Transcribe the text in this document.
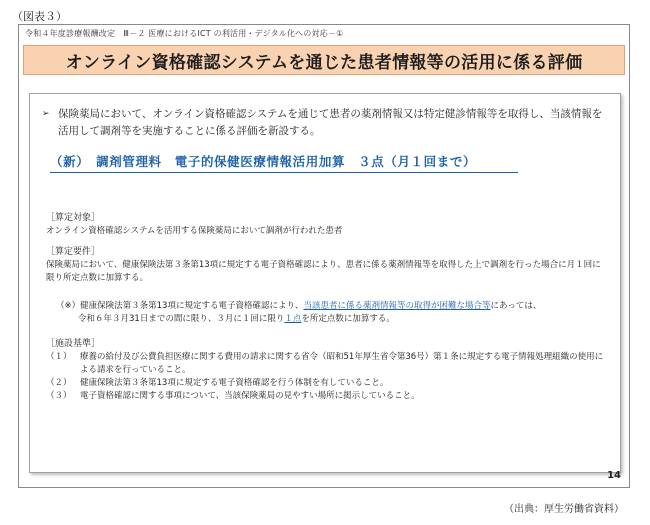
（図表３）
令和４年度診療報酬改定　Ⅲ－２ 医療におけるICT の利活用・デジタル化への対応－①
オンライン資格確認システムを通じた患者情報等の活用に係る評価
➢ 保険薬局において、オンライン資格確認システムを通じて患者の薬剤情報又は特定健診情報等を取得し、当該情報を活用して調剤等を実施することに係る評価を新設する。
（新）　調剤管理料　電子的保健医療情報活用加算　３点（月１回まで）
［算定対象］
オンライン資格確認システムを活用する保険薬局において調剤が行われた患者
［算定要件］
保険薬局において、健康保険法第３条第13項に規定する電子資格確認により、患者に係る薬剤情報等を取得した上で調剤を行った場合に月１回に限り所定点数に加算する。
（※）健康保険法第３条第13項に規定する電子資格確認により、当該患者に係る薬剤情報等の取得が困難な場合等にあっては、
令和６年３月31日までの間に限り、３月に１回に限り１点を所定点数に加算する。
［施設基準］
（１） 療養の給付及び公費負担医療に関する費用の請求に関する省令（昭和51年厚生省令第36号）第１条に規定する電子情報処理組織の使用による請求を行っていること。
（２） 健康保険法第３条第13項に規定する電子資格確認を行う体制を有していること。
（３） 電子資格確認に関する事項について、当該保険薬局の見やすい場所に掲示していること。
14
（出典：厚生労働省資料）
